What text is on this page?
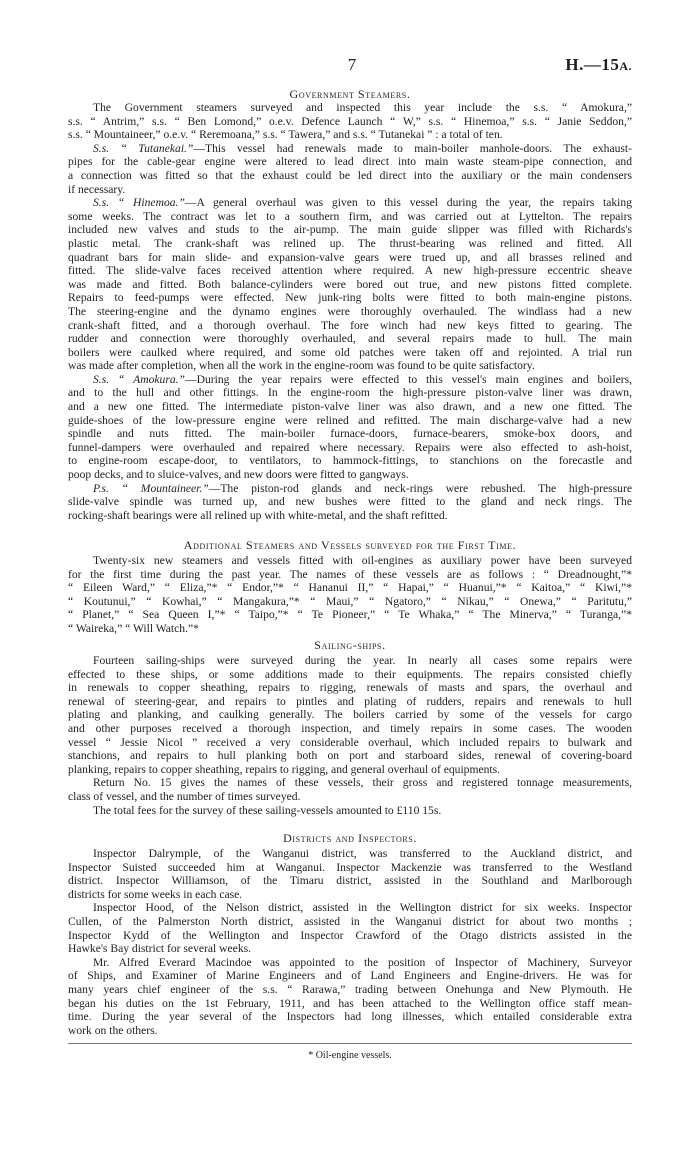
7	H.—15A.
Government Steamers.
The Government steamers surveyed and inspected this year include the s.s. “ Amokura,”
s.s. “ Antrim,” s.s. “ Ben Lomond,” o.e.v. Defence Launch “ W,” s.s. “ Hinemoa,” s.s. “ Janie Seddon,”
s.s. “ Mountaineer,” o.e.v. “ Reremoana,” s.s. “ Tawera,” and s.s. “ Tutanekai ” : a total of ten.
S.s. “ Tutanekai.”—This vessel had renewals made to main-boiler manhole-doors. The exhaust-
pipes for the cable-gear engine were altered to lead direct into main waste steam-pipe connection, and
a connection was fitted so that the exhaust could be led direct into the auxiliary or the main condensers
if necessary.
S.s. “ Hinemoa.”—A general overhaul was given to this vessel during the year, the repairs taking
some weeks. The contract was let to a southern firm, and was carried out at Lyttelton. The repairs
included new valves and studs to the air-pump. The main guide slipper was filled with Richards's
plastic metal. The crank-shaft was relined up. The thrust-bearing was relined and fitted. All
quadrant bars for main slide- and expansion-valve gears were trued up, and all brasses relined and
fitted. The slide-valve faces received attention where required. A new high-pressure eccentric sheave
was made and fitted. Both balance-cylinders were bored out true, and new pistons fitted complete.
Repairs to feed-pumps were effected. New junk-ring bolts were fitted to both main-engine pistons.
The steering-engine and the dynamo engines were thoroughly overhauled. The windlass had a new
crank-shaft fitted, and a thorough overhaul. The fore winch had new keys fitted to gearing. The
rudder and connection were thoroughly overhauled, and several repairs made to hull. The main
boilers were caulked where required, and some old patches were taken off and rejointed. A trial run
was made after completion, when all the work in the engine-room was found to be quite satisfactory.
S.s. “ Amokura.”—During the year repairs were effected to this vessel's main engines and boilers,
and to the hull and other fittings. In the engine-room the high-pressure piston-valve liner was drawn,
and a new one fitted. The intermediate piston-valve liner was also drawn, and a new one fitted. The
guide-shoes of the low-pressure engine were relined and refitted. The main discharge-valve had a new
spindle and nuts fitted. The main-boiler furnace-doors, furnace-bearers, smoke-box doors, and
funnel-dampers were overhauled and repaired where necessary. Repairs were also effected to ash-hoist,
to engine-room escape-door, to ventilators, to hammock-fittings, to stanchions on the forecastle and
poop decks, and to sluice-valves, and new doors were fitted to gangways.
P.s. “ Mountaineer.”—The piston-rod glands and neck-rings were rebushed. The high-pressure
slide-valve spindle was turned up, and new bushes were fitted to the gland and neck rings. The
rocking-shaft bearings were all relined up with white-metal, and the shaft refitted.
Additional Steamers and Vessels surveyed for the First Time.
Twenty-six new steamers and vessels fitted with oil-engines as auxiliary power have been surveyed
for the first time during the past year. The names of these vessels are as follows : “ Dreadnought,”*
“ Eileen Ward,” “ Eliza,”* “ Endor,”* “ Hananui II,” “ Hapai,” “ Huanui,”* “ Kaitoa,” “ Kiwi,”*
“ Koutunui,” “ Kowhai,” “ Mangakura,”* “ Maui,” “ Ngatoro,” “ Nikau,” “ Onewa,” “ Paritutu,”
“ Planet,” “ Sea Queen I,”* “ Taipo,”* “ Te Pioneer,” “ Te Whaka,” “ The Minerva,” “ Turanga,”*
“ Waireka,” “ Will Watch.”*
Sailing-ships.
Fourteen sailing-ships were surveyed during the year. In nearly all cases some repairs were
effected to these ships, or some additions made to their equipments. The repairs consisted chiefly
in renewals to copper sheathing, repairs to rigging, renewals of masts and spars, the overhaul and
renewal of steering-gear, and repairs to pintles and plating of rudders, repairs and renewals to hull
plating and planking, and caulking generally. The boilers carried by some of the vessels for cargo
and other purposes received a thorough inspection, and timely repairs in some cases. The wooden
vessel “ Jessie Nicol ” received a very considerable overhaul, which included repairs to bulwark and
stanchions, and repairs to hull planking both on port and starboard sides, renewal of covering-board
planking, repairs to copper sheathing, repairs to rigging, and general overhaul of equipments.
Return No. 15 gives the names of these vessels, their gross and registered tonnage measurements,
class of vessel, and the number of times surveyed.
The total fees for the survey of these sailing-vessels amounted to £110 15s.
Districts and Inspectors.
Inspector Dalrymple, of the Wanganui district, was transferred to the Auckland district, and
Inspector Suisted succeeded him at Wanganui. Inspector Mackenzie was transferred to the Westland
district. Inspector Williamson, of the Timaru district, assisted in the Southland and Marlborough
districts for some weeks in each case.
Inspector Hood, of the Nelson district, assisted in the Wellington district for six weeks. Inspector
Cullen, of the Palmerston North district, assisted in the Wanganui district for about two months ;
Inspector Kydd of the Wellington and Inspector Crawford of the Otago districts assisted in the
Hawke's Bay district for several weeks.
Mr. Alfred Everard Macindoe was appointed to the position of Inspector of Machinery, Surveyor
of Ships, and Examiner of Marine Engineers and of Land Engineers and Engine-drivers. He was for
many years chief engineer of the s.s. “ Rarawa,” trading between Onehunga and New Plymouth. He
began his duties on the 1st February, 1911, and has been attached to the Wellington office staff mean-
time. During the year several of the Inspectors had long illnesses, which entailed considerable extra
work on the others.
* Oil-engine vessels.
